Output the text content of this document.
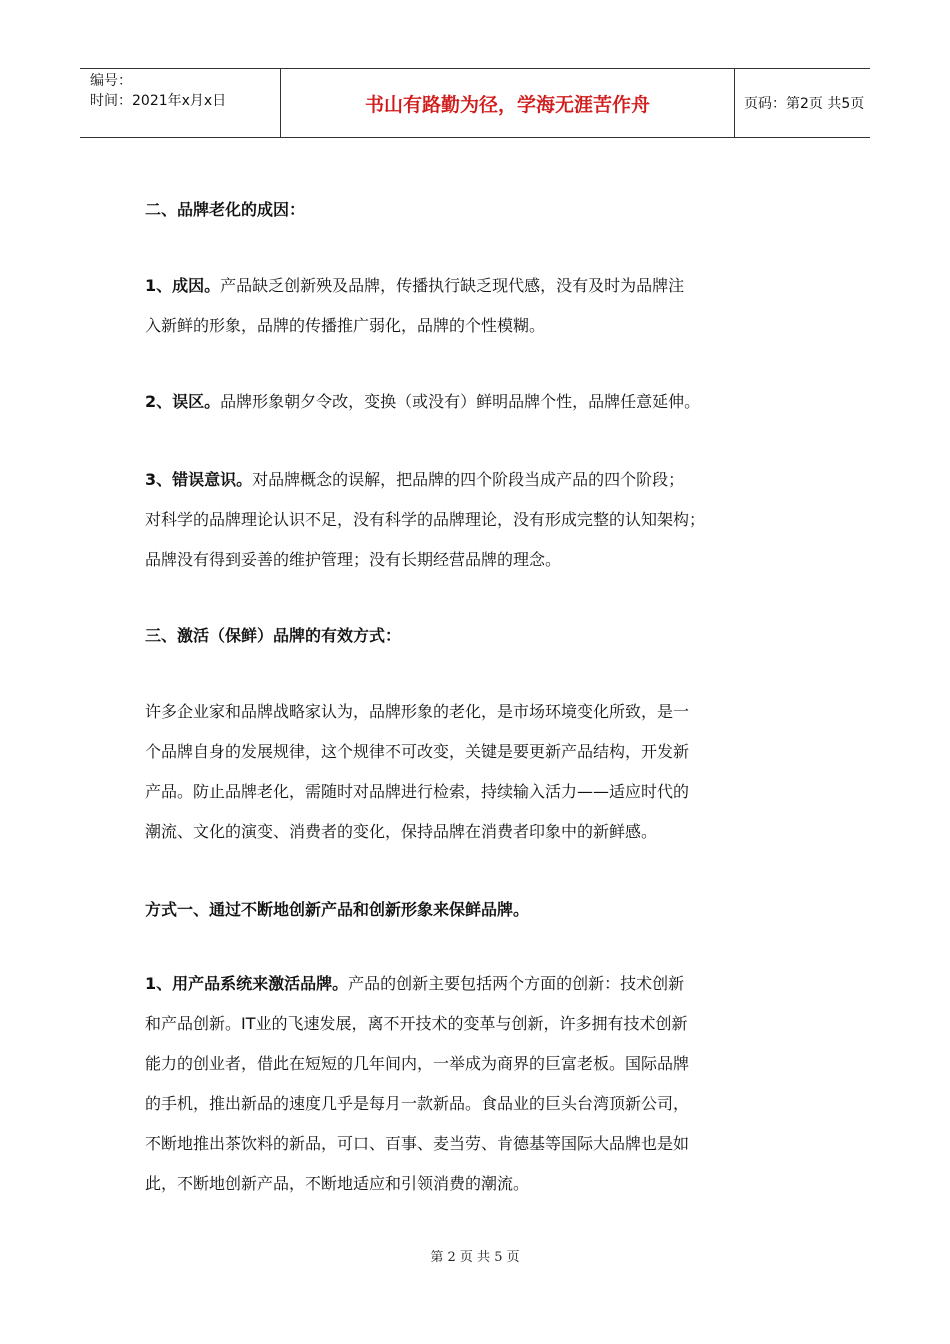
编号：
时间：2021年x月x日	书山有路勤为径，学海无涯苦作舟	页码：第2页 共5页

二、品牌老化的成因：

1、成因。产品缺乏创新殃及品牌，传播执行缺乏现代感，没有及时为品牌注

入新鲜的形象，品牌的传播推广弱化，品牌的个性模糊。

2、误区。品牌形象朝夕令改，变换（或没有）鲜明品牌个性，品牌任意延伸。

3、错误意识。对品牌概念的误解，把品牌的四个阶段当成产品的四个阶段；

对科学的品牌理论认识不足，没有科学的品牌理论，没有形成完整的认知架构；

品牌没有得到妥善的维护管理；没有长期经营品牌的理念。

三、激活（保鲜）品牌的有效方式：

许多企业家和品牌战略家认为，品牌形象的老化，是市场环境变化所致，是一

个品牌自身的发展规律，这个规律不可改变，关键是要更新产品结构，开发新

产品。防止品牌老化，需随时对品牌进行检索，持续输入活力——适应时代的

潮流、文化的演变、消费者的变化，保持品牌在消费者印象中的新鲜感。

方式一、通过不断地创新产品和创新形象来保鲜品牌。

1、用产品系统来激活品牌。产品的创新主要包括两个方面的创新：技术创新

和产品创新。IT业的飞速发展，离不开技术的变革与创新，许多拥有技术创新

能力的创业者，借此在短短的几年间内，一举成为商界的巨富老板。国际品牌

的手机，推出新品的速度几乎是每月一款新品。食品业的巨头台湾顶新公司，

不断地推出茶饮料的新品，可口、百事、麦当劳、肯德基等国际大品牌也是如

此，不断地创新产品，不断地适应和引领消费的潮流。

第 2 页 共 5 页
